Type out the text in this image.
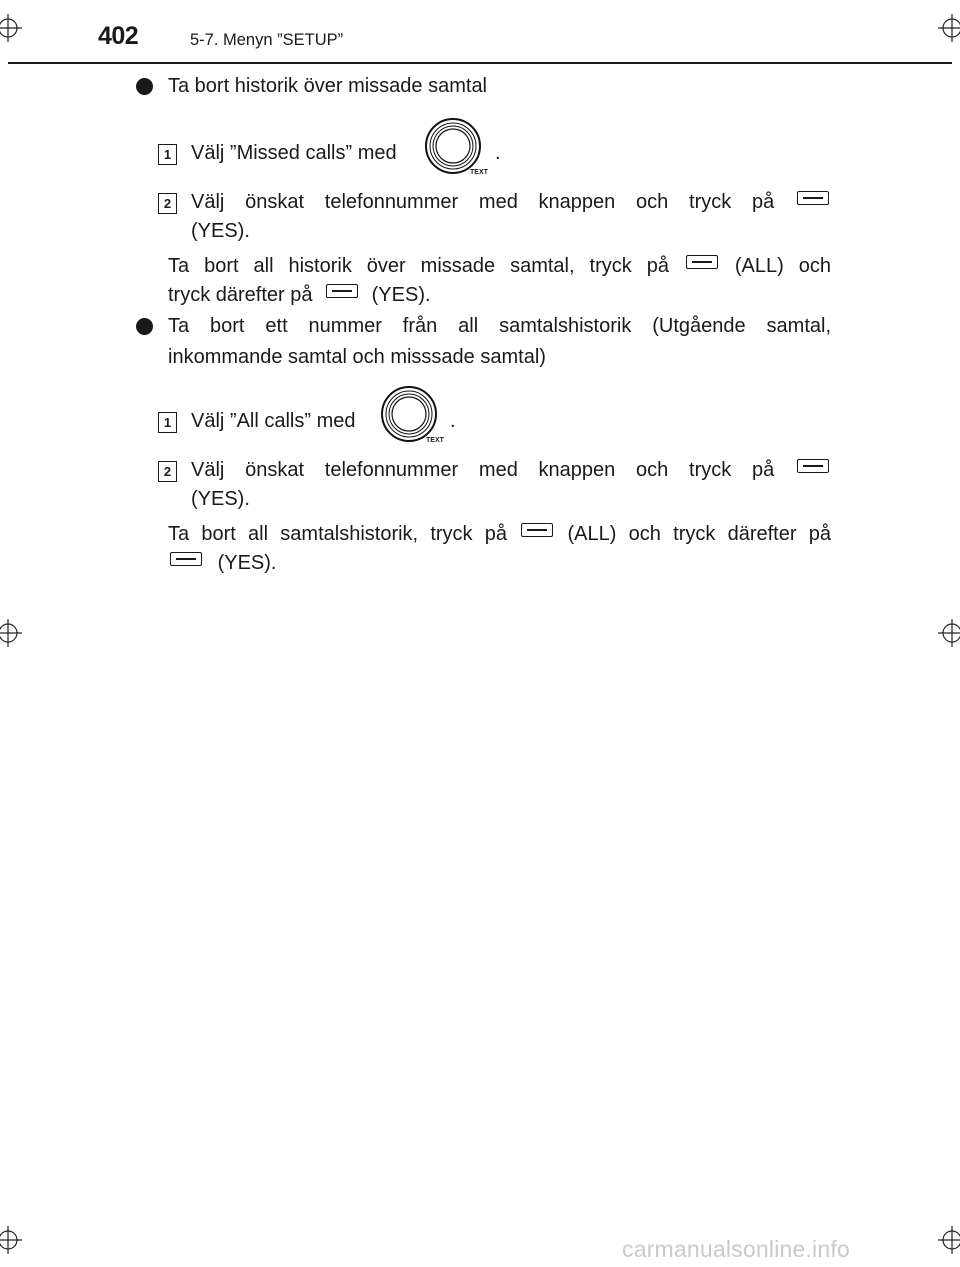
402	5-7. Menyn ”SETUP”
Ta bort historik över missade samtal
1 Välj ”Missed calls” med
TEXT
.
2 Välj önskat telefonnummer med knappen och tryck på
(YES).
Ta bort all historik över missade samtal, tryck på	(ALL) och
tryck därefter på	(YES).
Ta bort ett nummer från all samtalshistorik (Utgående samtal,
inkommande samtal och misssade samtal)
1 Välj ”All calls” med
TEXT
.
2 Välj önskat telefonnummer med knappen och tryck på
(YES).
Ta bort all samtalshistorik, tryck på	(ALL) och tryck därefter på
(YES).
carmanualsonline.info
